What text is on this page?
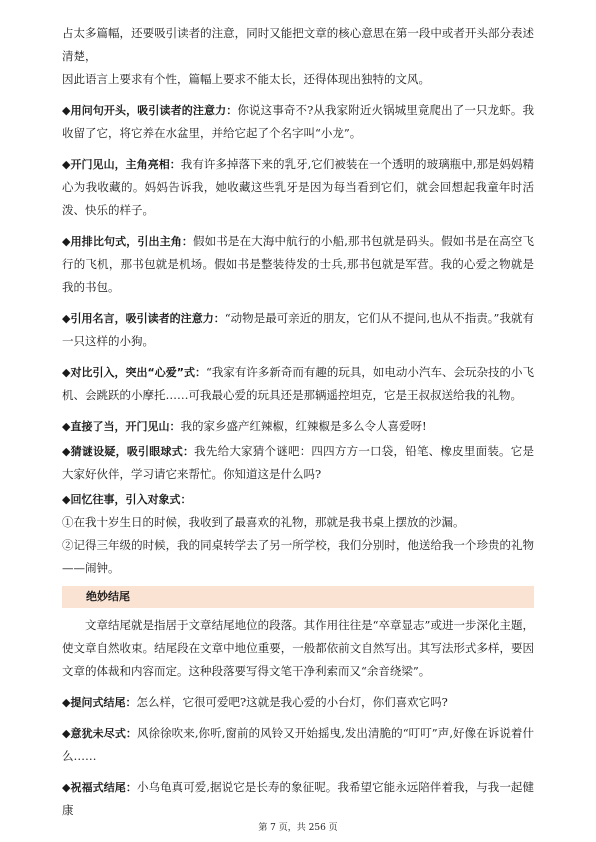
占太多篇幅，还要吸引读者的注意，同时又能把文章的核心意思在第一段中或者开头部分表述清楚，

因此语言上要求有个性，篇幅上要求不能太长，还得体现出独特的文风。

◆用问句开头，吸引读者的注意力：你说这事奇不?从我家附近火锅城里竟爬出了一只龙虾。我收留了它，将它养在水盆里，并给它起了个名字叫“小龙”。

◆开门见山，主角亮相：我有许多掉落下来的乳牙,它们被装在一个透明的玻璃瓶中,那是妈妈精心为我收藏的。妈妈告诉我，她收藏这些乳牙是因为每当看到它们，就会回想起我童年时活泼、快乐的样子。

◆用排比句式，引出主角：假如书是在大海中航行的小船,那书包就是码头。假如书是在高空飞行的飞机，那书包就是机场。假如书是整装待发的士兵,那书包就是军营。我的心爱之物就是我的书包。

◆引用名言，吸引读者的注意力：“动物是最可亲近的朋友，它们从不提问,也从不指责。”我就有一只这样的小狗。

◆对比引入，突出“心爱”式：“我家有许多新奇而有趣的玩具，如电动小汽车、会玩杂技的小飞机、会跳跃的小摩托……可我最心爱的玩具还是那辆遥控坦克，它是王叔叔送给我的礼物。

◆直接了当，开门见山：我的家乡盛产红辣椒，红辣椒是多么令人喜爱呀!

◆猜谜设疑，吸引眼球式：我先给大家猜个谜吧：四四方方一口袋，铅笔、橡皮里面装。它是大家好伙伴，学习请它来帮忙。你知道这是什么吗?

◆回忆往事，引入对象式：

①在我十岁生日的时候，我收到了最喜欢的礼物，那就是我书桌上摆放的沙漏。

②记得三年级的时候，我的同桌转学去了另一所学校，我们分别时，他送给我一个珍贵的礼物——闹钟。

绝妙结尾

文章结尾就是指居于文章结尾地位的段落。其作用往往是“卒章显志”或进一步深化主题，使文章自然收束。结尾段在文章中地位重要，一般都依前文自然写出。其写法形式多样，要因文章的体裁和内容而定。这种段落要写得文笔干净利索而又“余音绕梁”。

◆提问式结尾：怎么样，它很可爱吧?这就是我心爱的小台灯，你们喜欢它吗?

◆意犹未尽式：风徐徐吹来,你听,窗前的风铃又开始摇曳,发出清脆的“叮叮”声,好像在诉说着什么……

◆祝福式结尾：小乌龟真可爱,据说它是长寿的象征呢。我希望它能永远陪伴着我，与我一起健康

第 7 页，共 256 页
